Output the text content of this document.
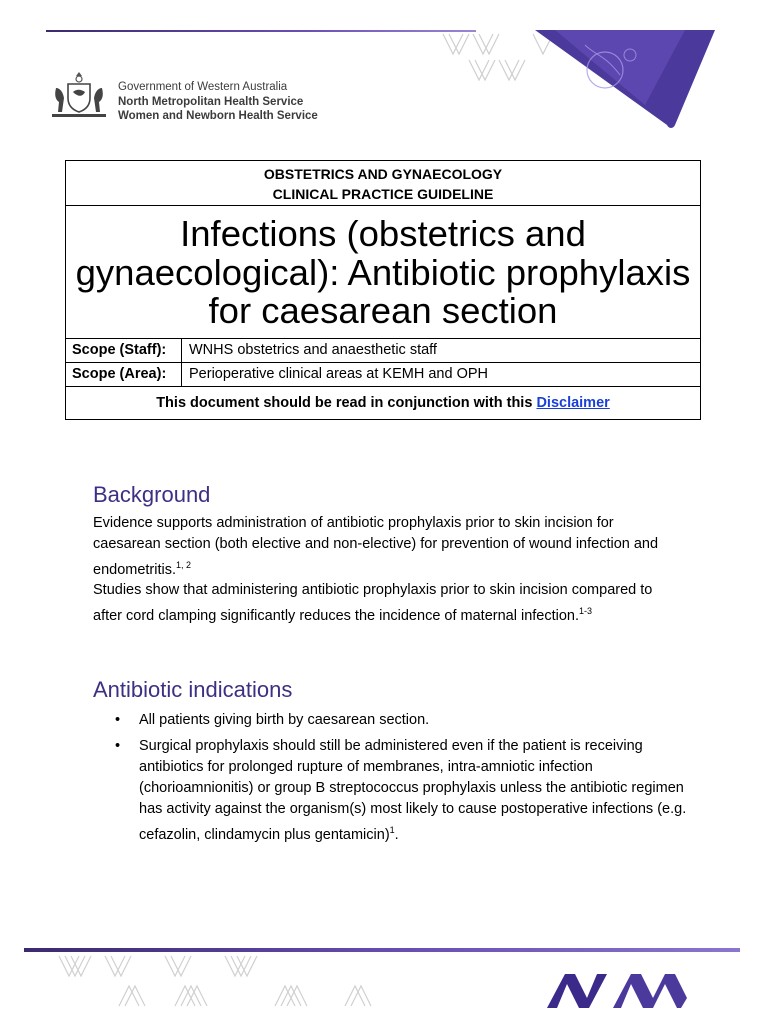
Government of Western Australia
North Metropolitan Health Service
Women and Newborn Health Service
OBSTETRICS AND GYNAECOLOGY
CLINICAL PRACTICE GUIDELINE
Infections (obstetrics and
gynaecological): Antibiotic prophylaxis
for caesarean section
Scope (Staff):	WNHS obstetrics and anaesthetic staff
Scope (Area):	Perioperative clinical areas at KEMH and OPH
This document should be read in conjunction with this Disclaimer
Background

Evidence supports administration of antibiotic prophylaxis prior to skin incision for caesarean section (both elective and non-elective) for prevention of wound infection and endometritis.$^{1, 2}$

Studies show that administering antibiotic prophylaxis prior to skin incision compared to after cord clamping significantly reduces the incidence of maternal infection.$^{1-3}$

Antibiotic indications
• All patients giving birth by caesarean section.
• Surgical prophylaxis should still be administered even if the patient is receiving antibiotics for prolonged rupture of membranes, intra-amniotic infection (chorioamnionitis) or group B streptococcus prophylaxis unless the antibiotic regimen has activity against the organism(s) most likely to cause postoperative infections (e.g. cefazolin, clindamycin plus gentamicin)$^1$.
